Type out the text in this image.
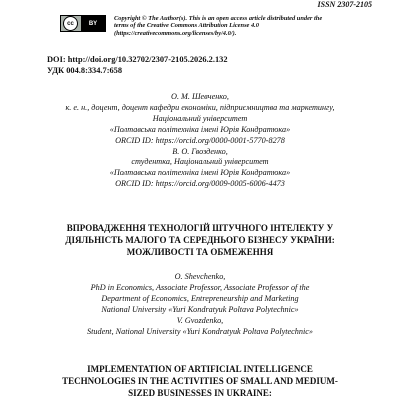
ISSN 2307-2105
cc	BY
Copyright © The Author(s). This is an open access article distributed under the
terms of the Creative Commons Attribution License 4.0
(https://creativecommons.org/licenses/by/4.0/).
DOI: http://doi.org/10.32702/2307-2105.2026.2.132
УДК 004.8:334.7:658
О. М. Шевченко,
к. е. н., доцент, доцент кафедри економіки, підприємництва та маркетингу,
Національний університет
«Полтавська політехніка імені Юрія Кондратюка»
ORCID ID: https://orcid.org/0000-0001-5770-8278
В. О. Гвозденко,
студентка, Національний університет
«Полтавська політехніка імені Юрія Кондратюка»
ORCID ID: https://orcid.org/0009-0005-6006-4473
ВПРОВАДЖЕННЯ ТЕХНОЛОГІЙ ШТУЧНОГО ІНТЕЛЕКТУ У
ДІЯЛЬНІСТЬ МАЛОГО ТА СЕРЕДНЬОГО БІЗНЕСУ УКРАЇНИ:
МОЖЛИВОСТІ ТА ОБМЕЖЕННЯ
O. Shevchenko,
PhD in Economics, Associate Professor, Associate Professor of the
Department of Economics, Entrepreneurship and Marketing
National University «Yuri Kondratyuk Poltava Polytechnic»
V. Gvozdenko,
Student, National University «Yuri Kondratyuk Poltava Polytechnic»
IMPLEMENTATION OF ARTIFICIAL INTELLIGENCE
TECHNOLOGIES IN THE ACTIVITIES OF SMALL AND MEDIUM-
SIZED BUSINESSES IN UKRAINE:
